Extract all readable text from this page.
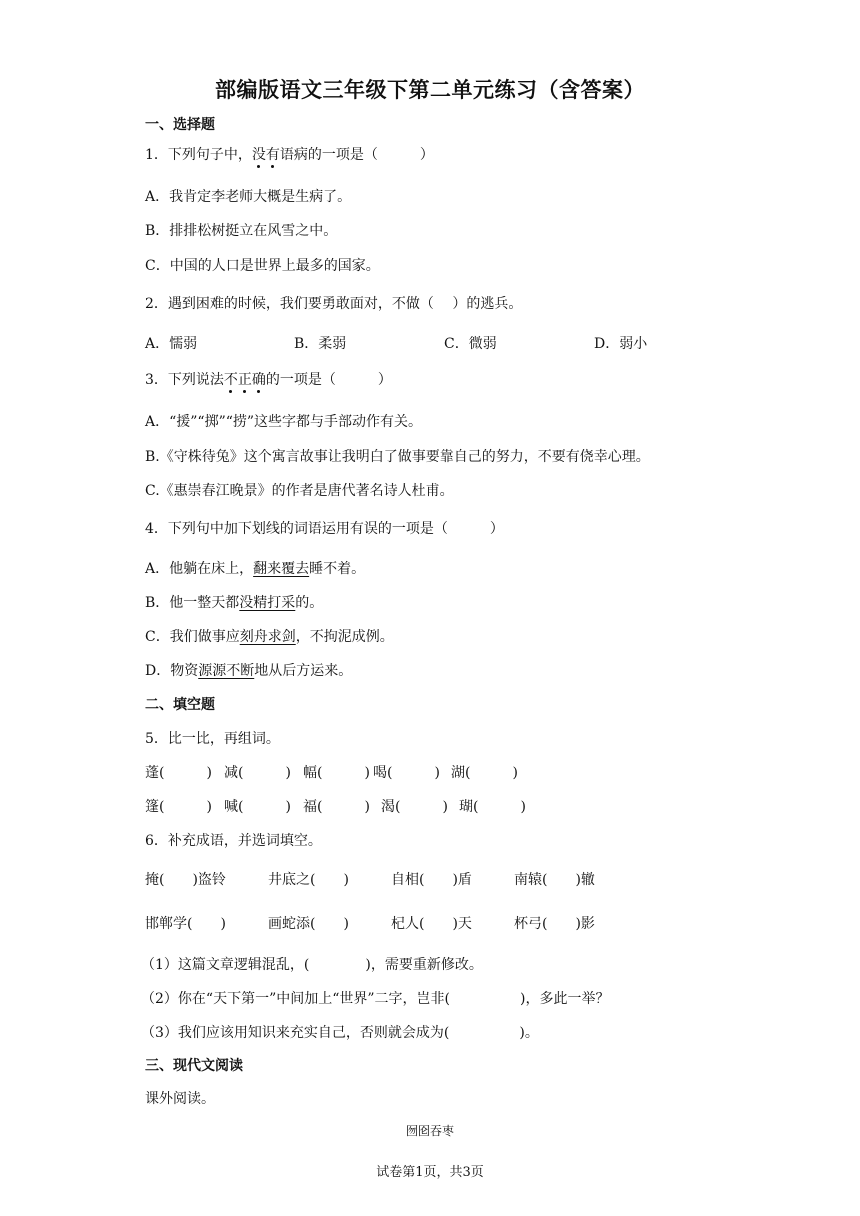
部编版语文三年级下第二单元练习（含答案）
一、选择题
1．下列句子中，没有语病的一项是（　　　）
A．我肯定李老师大概是生病了。
B．排排松树挺立在风雪之中。
C．中国的人口是世界上最多的国家。
2．遇到困难的时候，我们要勇敢面对，不做（　 ）的逃兵。
A．懦弱	B．柔弱	C．微弱	D．弱小
3．下列说法不正确的一项是（　　　）
A．“援”“掷”“捞”这些字都与手部动作有关。
B.《守株待兔》这个寓言故事让我明白了做事要靠自己的努力，不要有侥幸心理。
C.《惠崇春江晚景》的作者是唐代著名诗人杜甫。
4．下列句中加下划线的词语运用有误的一项是（　　　）
A．他躺在床上，翻来覆去睡不着。
B．他一整天都没精打采的。
C．我们做事应刻舟求剑，不拘泥成例。
D．物资源源不断地从后方运来。
二、填空题
5．比一比，再组词。
蓬(　　　) 减(　　　) 幅(　　　) 喝(　　　) 湖(　　　)
篷(　　　) 喊(　　　) 福(　　　) 渴(　　　) 瑚(　　　)
6．补充成语，并选词填空。
掩(　　)盗铃	井底之(　　)	自相(　　)盾	南辕(　　)辙
邯郸学(　　)	画蛇添(　　)	杞人(　　)天	杯弓(　　)影
（1）这篇文章逻辑混乱，(　　　　)，需要重新修改。
（2）你在“天下第一”中间加上“世界”二字，岂非(　　　　　)，多此一举？
（3）我们应该用知识来充实自己，否则就会成为(　　　　　)。
三、现代文阅读
课外阅读。
囫囵吞枣
试卷第1页，共3页
